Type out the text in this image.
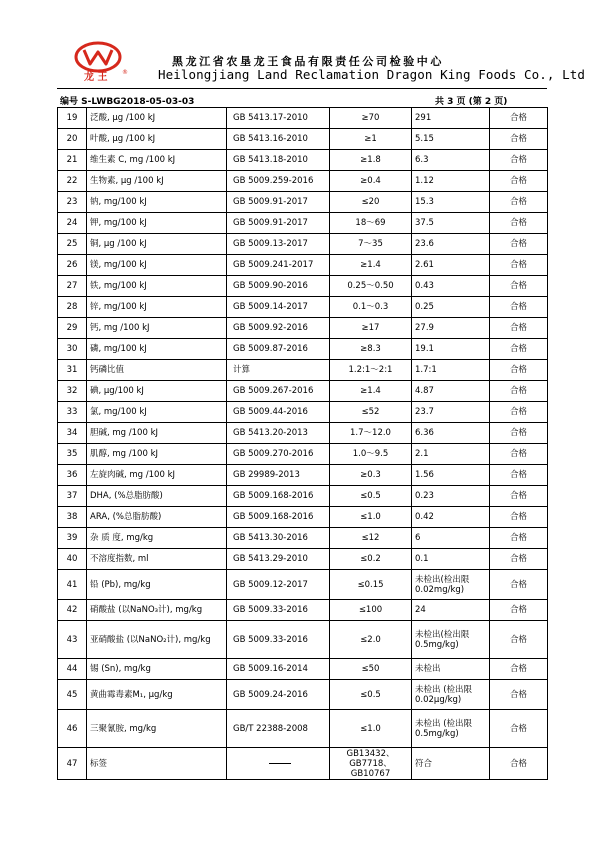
龙 王 ®
黑龙江省农垦龙王食品有限责任公司检验中心
Heilongjiang Land Reclamation Dragon King Foods Co., Ltd
编号 S-LWBG2018-05-03-03	共 3 页 (第 2 页)
19	泛酸, μg /100 kJ	GB 5413.17-2010	≥70	291	合格
20	叶酸, μg /100 kJ	GB 5413.16-2010	≥1	5.15	合格
21	维生素 C, mg /100 kJ	GB 5413.18-2010	≥1.8	6.3	合格
22	生物素, μg /100 kJ	GB 5009.259-2016	≥0.4	1.12	合格
23	钠, mg/100 kJ	GB 5009.91-2017	≤20	15.3	合格
24	钾, mg/100 kJ	GB 5009.91-2017	18～69	37.5	合格
25	铜, μg /100 kJ	GB 5009.13-2017	7～35	23.6	合格
26	镁, mg/100 kJ	GB 5009.241-2017	≥1.4	2.61	合格
27	铁, mg/100 kJ	GB 5009.90-2016	0.25～0.50	0.43	合格
28	锌, mg/100 kJ	GB 5009.14-2017	0.1～0.3	0.25	合格
29	钙, mg /100 kJ	GB 5009.92-2016	≥17	27.9	合格
30	磷, mg/100 kJ	GB 5009.87-2016	≥8.3	19.1	合格
31	钙磷比值	计算	1.2:1～2:1	1.7:1	合格
32	碘, μg/100 kJ	GB 5009.267-2016	≥1.4	4.87	合格
33	氯, mg/100 kJ	GB 5009.44-2016	≤52	23.7	合格
34	胆碱, mg /100 kJ	GB 5413.20-2013	1.7～12.0	6.36	合格
35	肌醇, mg /100 kJ	GB 5009.270-2016	1.0～9.5	2.1	合格
36	左旋肉碱, mg /100 kJ	GB 29989-2013	≥0.3	1.56	合格
37	DHA, (%总脂肪酸)	GB 5009.168-2016	≤0.5	0.23	合格
38	ARA, (%总脂肪酸)	GB 5009.168-2016	≤1.0	0.42	合格
39	杂 质 度, mg/kg	GB 5413.30-2016	≤12	6	合格
40	不溶度指数, ml	GB 5413.29-2010	≤0.2	0.1	合格
41	铅 (Pb), mg/kg	GB 5009.12-2017	≤0.15	未检出(检出限 0.02mg/kg)	合格
42	硝酸盐 (以NaNO₃计), mg/kg	GB 5009.33-2016	≤100	24	合格
43	亚硝酸盐 (以NaNO₂计), mg/kg	GB 5009.33-2016	≤2.0	未检出(检出限 0.5mg/kg)	合格
44	锡 (Sn), mg/kg	GB 5009.16-2014	≤50	未检出	合格
45	黄曲霉毒素M₁, μg/kg	GB 5009.24-2016	≤0.5	未检出 (检出限 0.02μg/kg)	合格
46	三聚氰胺, mg/kg	GB/T 22388-2008	≤1.0	未检出 (检出限 0.5mg/kg)	合格
47	标签		GB13432、GB7718、GB10767	符合	合格
